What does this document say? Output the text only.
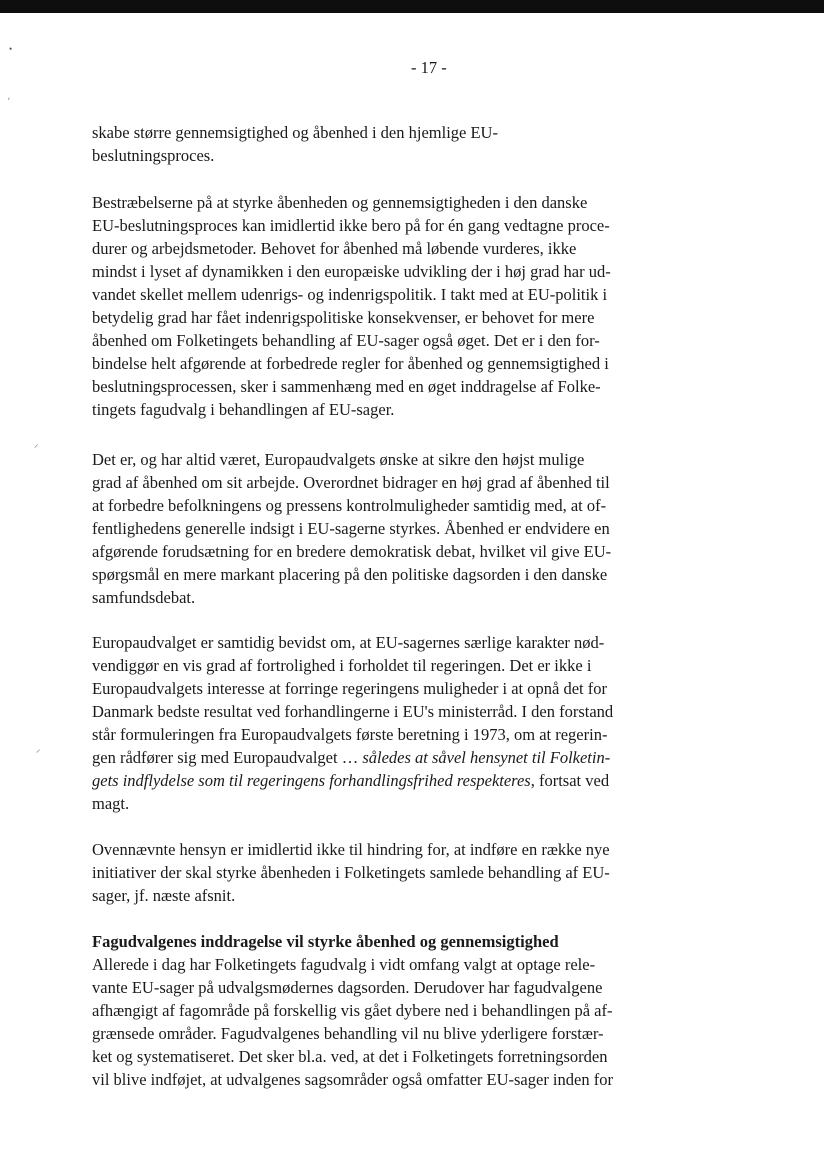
•
ʹ
⸝
⸝
- 17 -
skabe større gennemsigtighed og åbenhed i den hjemlige EU-
beslutningsproces.
Bestræbelserne på at styrke åbenheden og gennemsigtigheden i den danske
EU-beslutningsproces kan imidlertid ikke bero på for én gang vedtagne proce-
durer og arbejdsmetoder. Behovet for åbenhed må løbende vurderes, ikke
mindst i lyset af dynamikken i den europæiske udvikling der i høj grad har ud-
vandet skellet mellem udenrigs- og indenrigspolitik. I takt med at EU-politik i
betydelig grad har fået indenrigspolitiske konsekvenser, er behovet for mere
åbenhed om Folketingets behandling af EU-sager også øget. Det er i den for-
bindelse helt afgørende at forbedrede regler for åbenhed og gennemsigtighed i
beslutningsprocessen, sker i sammenhæng med en øget inddragelse af Folke-
tingets fagudvalg i behandlingen af EU-sager.
Det er, og har altid været, Europaudvalgets ønske at sikre den højst mulige
grad af åbenhed om sit arbejde. Overordnet bidrager en høj grad af åbenhed til
at forbedre befolkningens og pressens kontrolmuligheder samtidig med, at of-
fentlighedens generelle indsigt i EU-sagerne styrkes. Åbenhed er endvidere en
afgørende forudsætning for en bredere demokratisk debat, hvilket vil give EU-
spørgsmål en mere markant placering på den politiske dagsorden i den danske
samfundsdebat.
Europaudvalget er samtidig bevidst om, at EU-sagernes særlige karakter nød-
vendiggør en vis grad af fortrolighed i forholdet til regeringen. Det er ikke i
Europaudvalgets interesse at forringe regeringens muligheder i at opnå det for
Danmark bedste resultat ved forhandlingerne i EU's ministerråd. I den forstand
står formuleringen fra Europaudvalgets første beretning i 1973, om at regerin-
gen rådfører sig med Europaudvalget … således at såvel hensynet til Folketin-
gets indflydelse som til regeringens forhandlingsfrihed respekteres, fortsat ved
magt.
Ovennævnte hensyn er imidlertid ikke til hindring for, at indføre en række nye
initiativer der skal styrke åbenheden i Folketingets samlede behandling af EU-
sager, jf. næste afsnit.
Fagudvalgenes inddragelse vil styrke åbenhed og gennemsigtighed
Allerede i dag har Folketingets fagudvalg i vidt omfang valgt at optage rele-
vante EU-sager på udvalgsmødernes dagsorden. Derudover har fagudvalgene
afhængigt af fagområde på forskellig vis gået dybere ned i behandlingen på af-
grænsede områder. Fagudvalgenes behandling vil nu blive yderligere forstær-
ket og systematiseret. Det sker bl.a. ved, at det i Folketingets forretningsorden
vil blive indføjet, at udvalgenes sagsområder også omfatter EU-sager inden for
